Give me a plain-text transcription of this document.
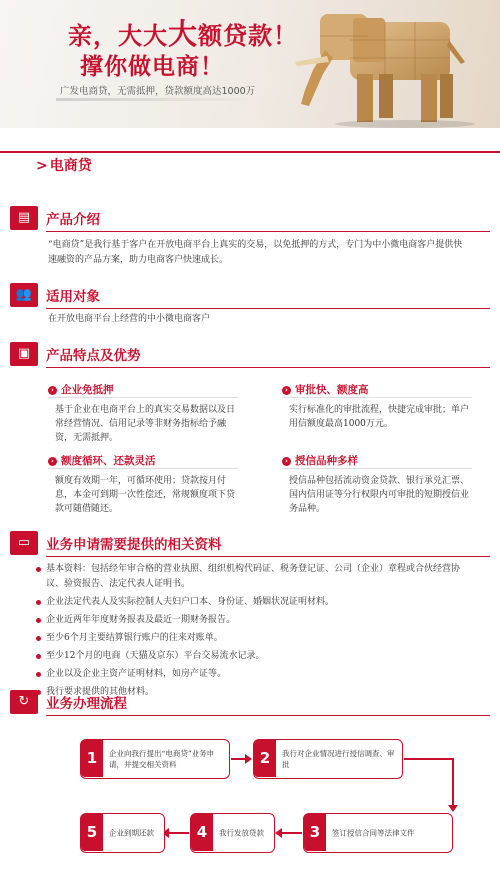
亲，大大大额贷款！
撑你做电商！
广发电商贷，无需抵押，贷款额度高达1000万
> 电商贷
▤	产品介绍
“电商贷”是我行基于客户在开放电商平台上真实的交易，以免抵押的方式，专门为中小微电商客户提供快速融资的产品方案，助力电商客户快速成长。
👥	适用对象
在开放电商平台上经营的中小微电商客户
▣	产品特点及优势
› 企业免抵押
基于企业在电商平台上的真实交易数据以及日常经营情况、信用记录等非财务指标给予融资，无需抵押。
› 审批快、额度高
实行标准化的审批流程，快捷完成审批；单户用信额度最高1000万元。
› 额度循环、还款灵活
额度有效期一年，可循环使用；贷款按月付息，本金可到期一次性偿还，常规额度项下贷款可随借随还。
› 授信品种多样
授信品种包括流动资金贷款、银行承兑汇票、国内信用证等分行权限内可审批的短期授信业务品种。
▭	业务申请需要提供的相关资料
基本资料：包括经年审合格的营业执照、组织机构代码证、税务登记证、公司（企业）章程或合伙经营协议、验资报告、法定代表人证明书。
企业法定代表人及实际控制人夫妇户口本、身份证、婚姻状况证明材料。
企业近两年年度财务报表及最近一期财务报告。
至少6个月主要结算银行账户的往来对账单。
至少12个月的电商（天猫及京东）平台交易流水记录。
企业以及企业主资产证明材料，如房产证等。
我行要求提供的其他材料。
↻	业务办理流程
1	企业向我行提出“电商贷”业务申请，并提交相关资料	2	我行对企业情况进行授信调查、审批
3	签订授信合同等法律文件
4	我行发放贷款
5	企业到期还款
